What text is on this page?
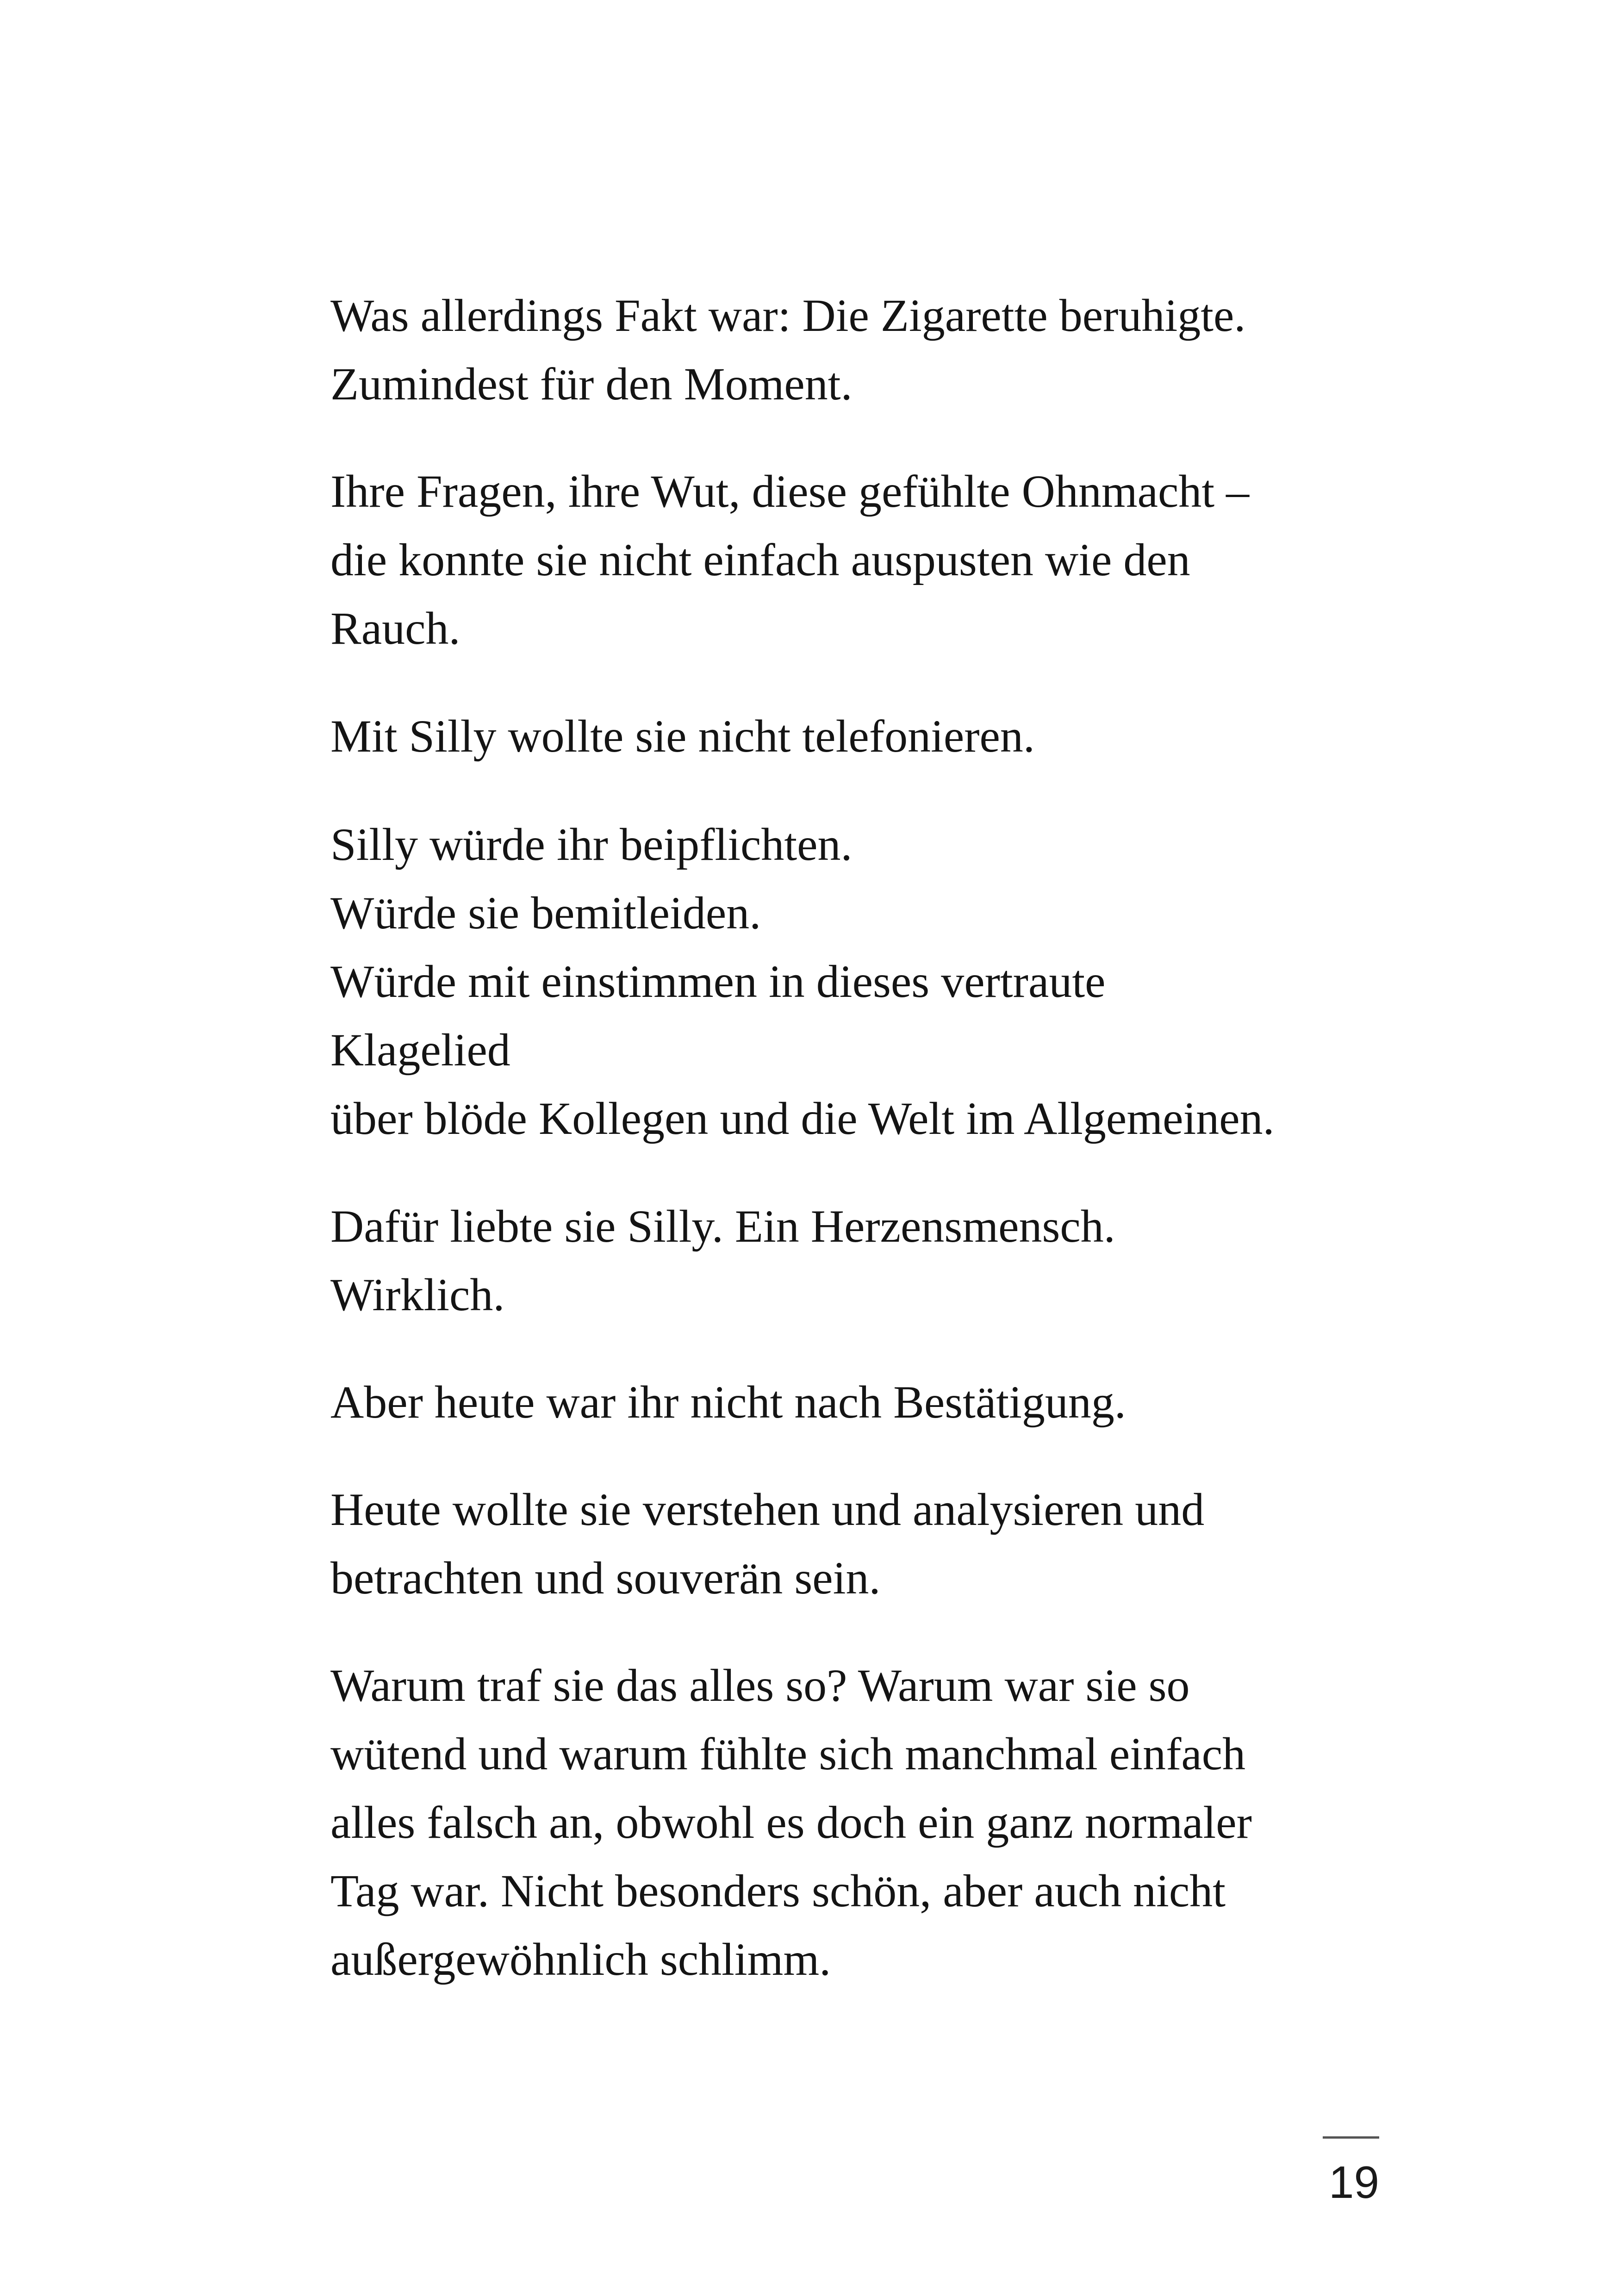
Was allerdings Fakt war: Die Zigarette beruhigte.

Zumindest für den Moment.

Ihre Fragen, ihre Wut, diese gefühlte Ohnmacht –

die konnte sie nicht einfach auspusten wie den

Rauch.

Mit Silly wollte sie nicht telefonieren.

Silly würde ihr beipflichten.

Würde sie bemitleiden.

Würde mit einstimmen in dieses vertraute

Klagelied

über blöde Kollegen und die Welt im Allgemeinen.

Dafür liebte sie Silly. Ein Herzensmensch.

Wirklich.

Aber heute war ihr nicht nach Bestätigung.

Heute wollte sie verstehen und analysieren und

betrachten und souverän sein.

Warum traf sie das alles so? Warum war sie so

wütend und warum fühlte sich manchmal einfach

alles falsch an, obwohl es doch ein ganz normaler

Tag war. Nicht besonders schön, aber auch nicht

außergewöhnlich schlimm.

19
